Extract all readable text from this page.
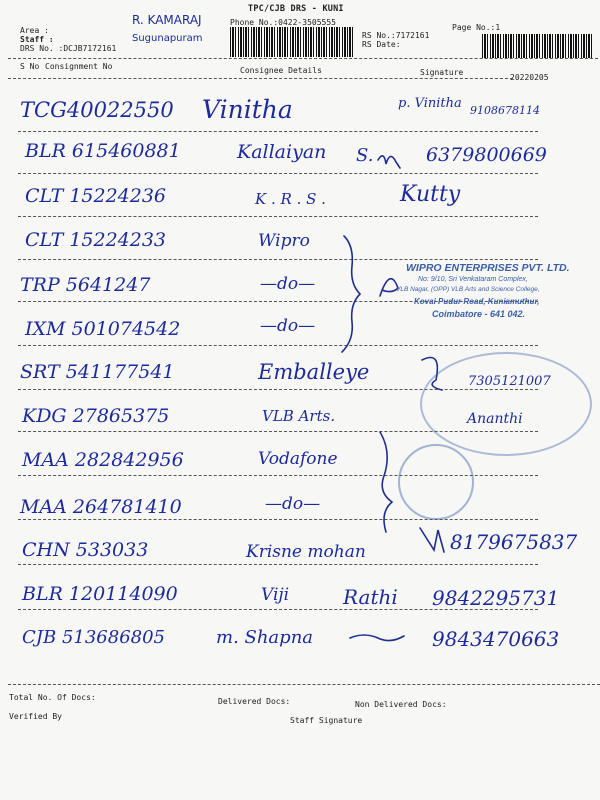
TPC/CJB DRS - KUNI
Phone No.:0422-3505555
Page No.:1
Area :
Staff :
DRS No. :DCJB7172161
RS No.:7172161
RS Date:
R. KAMARAJ
Sugunapuram
S No Consignment No	Consignee Details	Signature
20220205
TCG40022550 Vinitha	p. Vinitha 9108678114
BLR 615460881	Kallaiyan S.	6379800669
CLT 15224236	K . R . S .	Kutty
CLT 15224233	Wipro
TRP 5641247	—do—
IXM 501074542	—do—
SRT 541177541	Emballeye	7305121007
KDG 27865375	VLB Arts.	Ananthi
MAA 282842956	Vodafone
MAA 264781410	—do—
CHN 533033	Krisne mohan	8179675837
BLR 120114090	Viji	Rathi 9842295731
CJB 513686805	m. Shapna	9843470663
WIPRO ENTERPRISES PVT. LTD.
No: 9/10, Sri Venkataram Complex,
VLB Nagar, (OPP) VLB Arts and Science College,
Kovai Pudur Road, Kuniamuthur,
Coimbatore - 641 042.
Total No. Of Docs:	Delivered Docs:	Non Delivered Docs:
Verified By	Staff Signature
